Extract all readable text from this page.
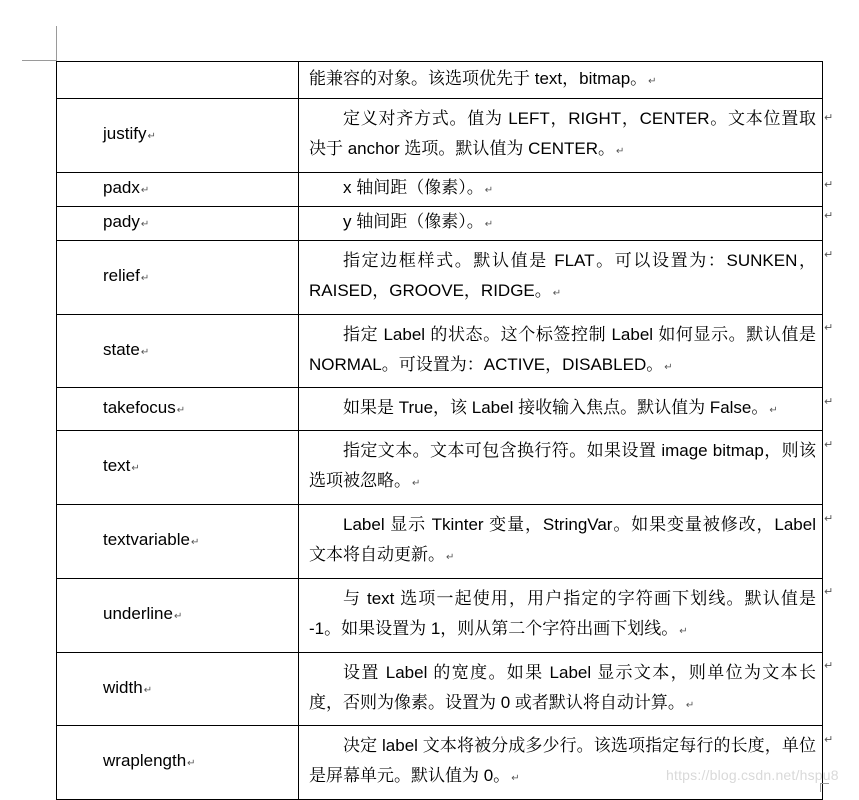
	能兼容的对象。该选项优先于 text，bitmap。↵
justify↵	定义对齐方式。值为 LEFT，RIGHT，CENTER。文本位置取决于 anchor 选项。默认值为 CENTER。↵
padx↵	x 轴间距（像素）。↵
pady↵	y 轴间距（像素）。↵
relief↵	指定边框样式。默认值是 FLAT。可以设置为：SUNKEN，RAISED，GROOVE，RIDGE。↵
state↵	指定 Label 的状态。这个标签控制 Label 如何显示。默认值是 NORMAL。可设置为：ACTIVE，DISABLED。↵
takefocus↵	如果是 True，该 Label 接收输入焦点。默认值为 False。↵
text↵	指定文本。文本可包含换行符。如果设置 image bitmap，则该选项被忽略。↵
textvariable↵	Label 显示 Tkinter 变量，StringVar。如果变量被修改，Label 文本将自动更新。↵
underline↵	与 text 选项一起使用，用户指定的字符画下划线。默认值是 -1。如果设置为 1，则从第二个字符出画下划线。↵
width↵	设置 Label 的宽度。如果 Label 显示文本，则单位为文本长度，否则为像素。设置为 0 或者默认将自动计算。↵
wraplength↵	决定 label 文本将被分成多少行。该选项指定每行的长度，单位是屏幕单元。默认值为 0。↵
↵
↵
↵
↵
↵
↵
↵
↵
↵
↵
↵
https://blog.csdn.net/hspu8
